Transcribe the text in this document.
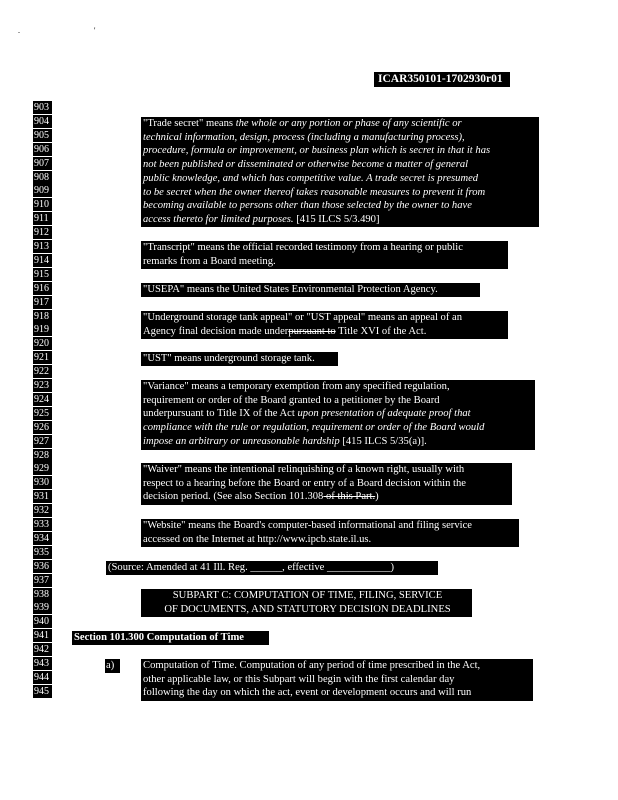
. '
ICAR350101-1702930r01
903
904
905
906
907
908
909
910
911
912
913
914
915
916
917
918
919
920
921
922
923
924
925
926
927
928
929
930
931
932
933
934
935
936
937
938
939
940
941
942
943
944
945
"Trade secret" means the whole or any portion or phase of any scientific or
technical information, design, process (including a manufacturing process),
procedure, formula or improvement, or business plan which is secret in that it has
not been published or disseminated or otherwise become a matter of general
public knowledge, and which has competitive value. A trade secret is presumed
to be secret when the owner thereof takes reasonable measures to prevent it from
becoming available to persons other than those selected by the owner to have
access thereto for limited purposes. [415 ILCS 5/3.490]
"Transcript" means the official recorded testimony from a hearing or public
remarks from a Board meeting.
"USEPA" means the United States Environmental Protection Agency.
"Underground storage tank appeal" or "UST appeal" means an appeal of an
Agency final decision made underpursuant to Title XVI of the Act.
"UST" means underground storage tank.
"Variance" means a temporary exemption from any specified regulation,
requirement or order of the Board granted to a petitioner by the Board
underpursuant to Title IX of the Act upon presentation of adequate proof that
compliance with the rule or regulation, requirement or order of the Board would
impose an arbitrary or unreasonable hardship [415 ILCS 5/35(a)].
"Waiver" means the intentional relinquishing of a known right, usually with
respect to a hearing before the Board or entry of a Board decision within the
decision period. (See also Section 101.308 of this Part.)
"Website" means the Board's computer-based informational and filing service
accessed on the Internet at http://www.ipcb.state.il.us.
(Source: Amended at 41 Ill. Reg. ______, effective ____________)
SUBPART C: COMPUTATION OF TIME, FILING, SERVICE
OF DOCUMENTS, AND STATUTORY DECISION DEADLINES
Section 101.300 Computation of Time
a)	Computation of Time. Computation of any period of time prescribed in the Act,
other applicable law, or this Subpart will begin with the first calendar day
following the day on which the act, event or development occurs and will run
